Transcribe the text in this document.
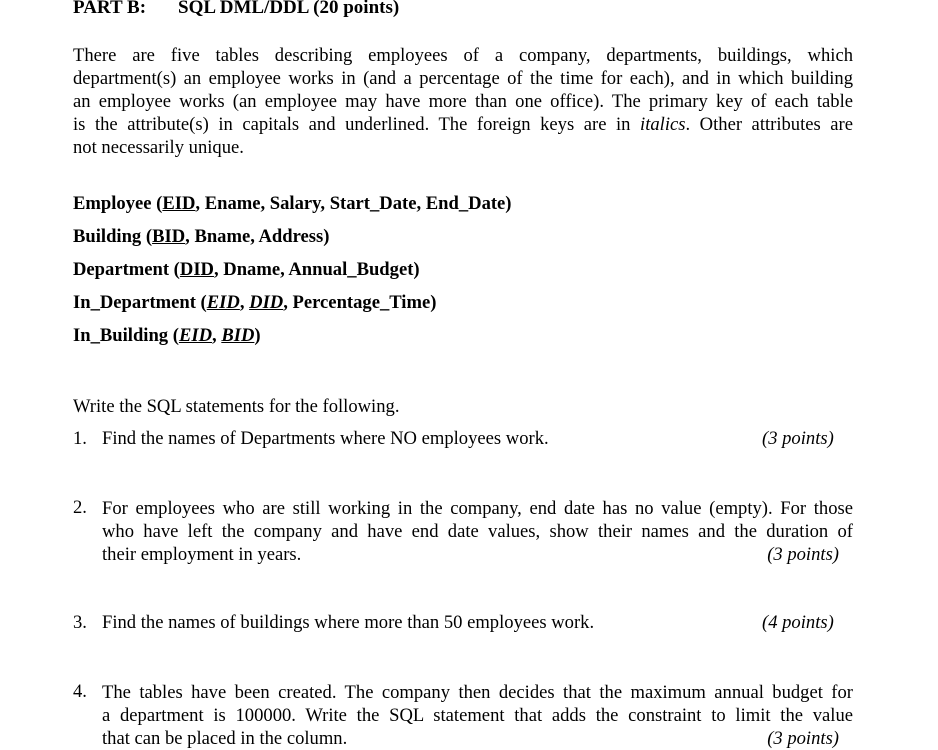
PART B: SQL DML/DDL (20 points)
There are five tables describing employees of a company, departments, buildings, which
department(s) an employee works in (and a percentage of the time for each), and in which building
an employee works (an employee may have more than one office). The primary key of each table
is the attribute(s) in capitals and underlined. The foreign keys are in italics. Other attributes are
not necessarily unique.
Employee (EID, Ename, Salary, Start_Date, End_Date)
Building (BID, Bname, Address)
Department (DID, Dname, Annual_Budget)
In_Department (EID, DID, Percentage_Time)
In_Building (EID, BID)
Write the SQL statements for the following.
1. Find the names of Departments where NO employees work.	(3 points)
2. For employees who are still working in the company, end date has no value (empty). For those
who have left the company and have end date values, show their names and the duration of
their employment in years.	(3 points)
3. Find the names of buildings where more than 50 employees work.	(4 points)
4. The tables have been created. The company then decides that the maximum annual budget for
a department is 100000. Write the SQL statement that adds the constraint to limit the value
that can be placed in the column.	(3 points)
